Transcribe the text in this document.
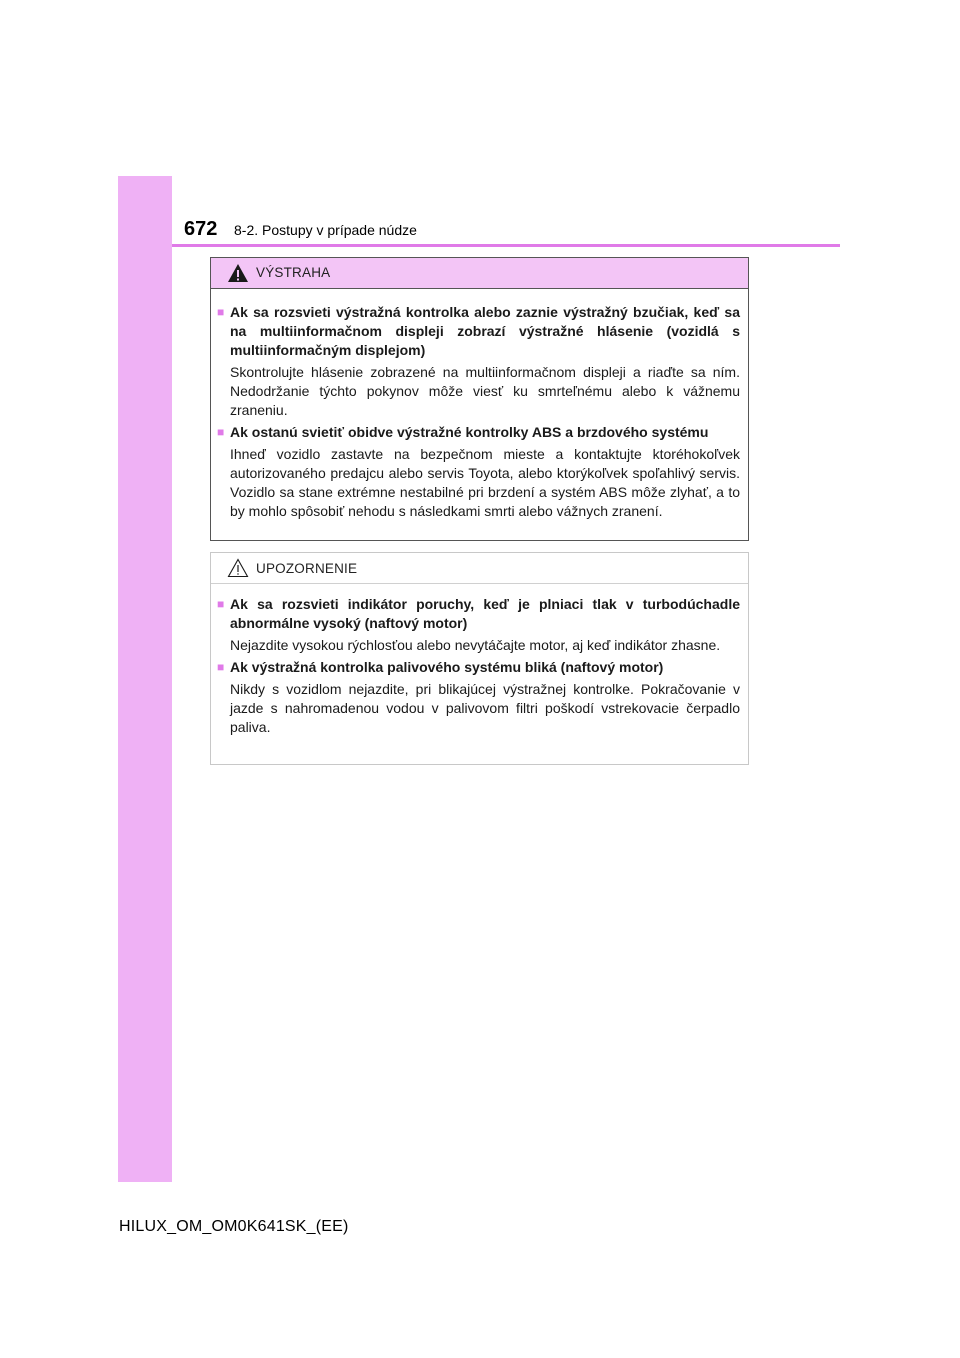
672 8-2. Postupy v prípade núdze
VÝSTRAHA
■ Ak sa rozsvieti výstražná kontrolka alebo zaznie výstražný bzučiak, keď sa na multiinformačnom displeji zobrazí výstražné hlásenie (vozidlá s multiinformačným displejom)
Skontrolujte hlásenie zobrazené na multiinformačnom displeji a riaďte sa ním. Nedodržanie týchto pokynov môže viesť ku smrteľnému alebo k vážnemu zraneniu.
■ Ak ostanú svietiť obidve výstražné kontrolky ABS a brzdového systému
Ihneď vozidlo zastavte na bezpečnom mieste a kontaktujte ktoréhokoľvek autorizovaného predajcu alebo servis Toyota, alebo ktorýkoľvek spoľahlivý servis. Vozidlo sa stane extrémne nestabilné pri brzdení a systém ABS môže zlyhať, a to by mohlo spôsobiť nehodu s následkami smrti alebo vážnych zranení.
UPOZORNENIE
■ Ak sa rozsvieti indikátor poruchy, keď je plniaci tlak v turbodúchadle abnormálne vysoký (naftový motor)
Nejazdite vysokou rýchlosťou alebo nevytáčajte motor, aj keď indikátor zhasne.
■ Ak výstražná kontrolka palivového systému bliká (naftový motor)
Nikdy s vozidlom nejazdite, pri blikajúcej výstražnej kontrolke. Pokračovanie v jazde s nahromadenou vodou v palivovom filtri poškodí vstrekovacie čerpadlo paliva.
HILUX_OM_OM0K641SK_(EE)
